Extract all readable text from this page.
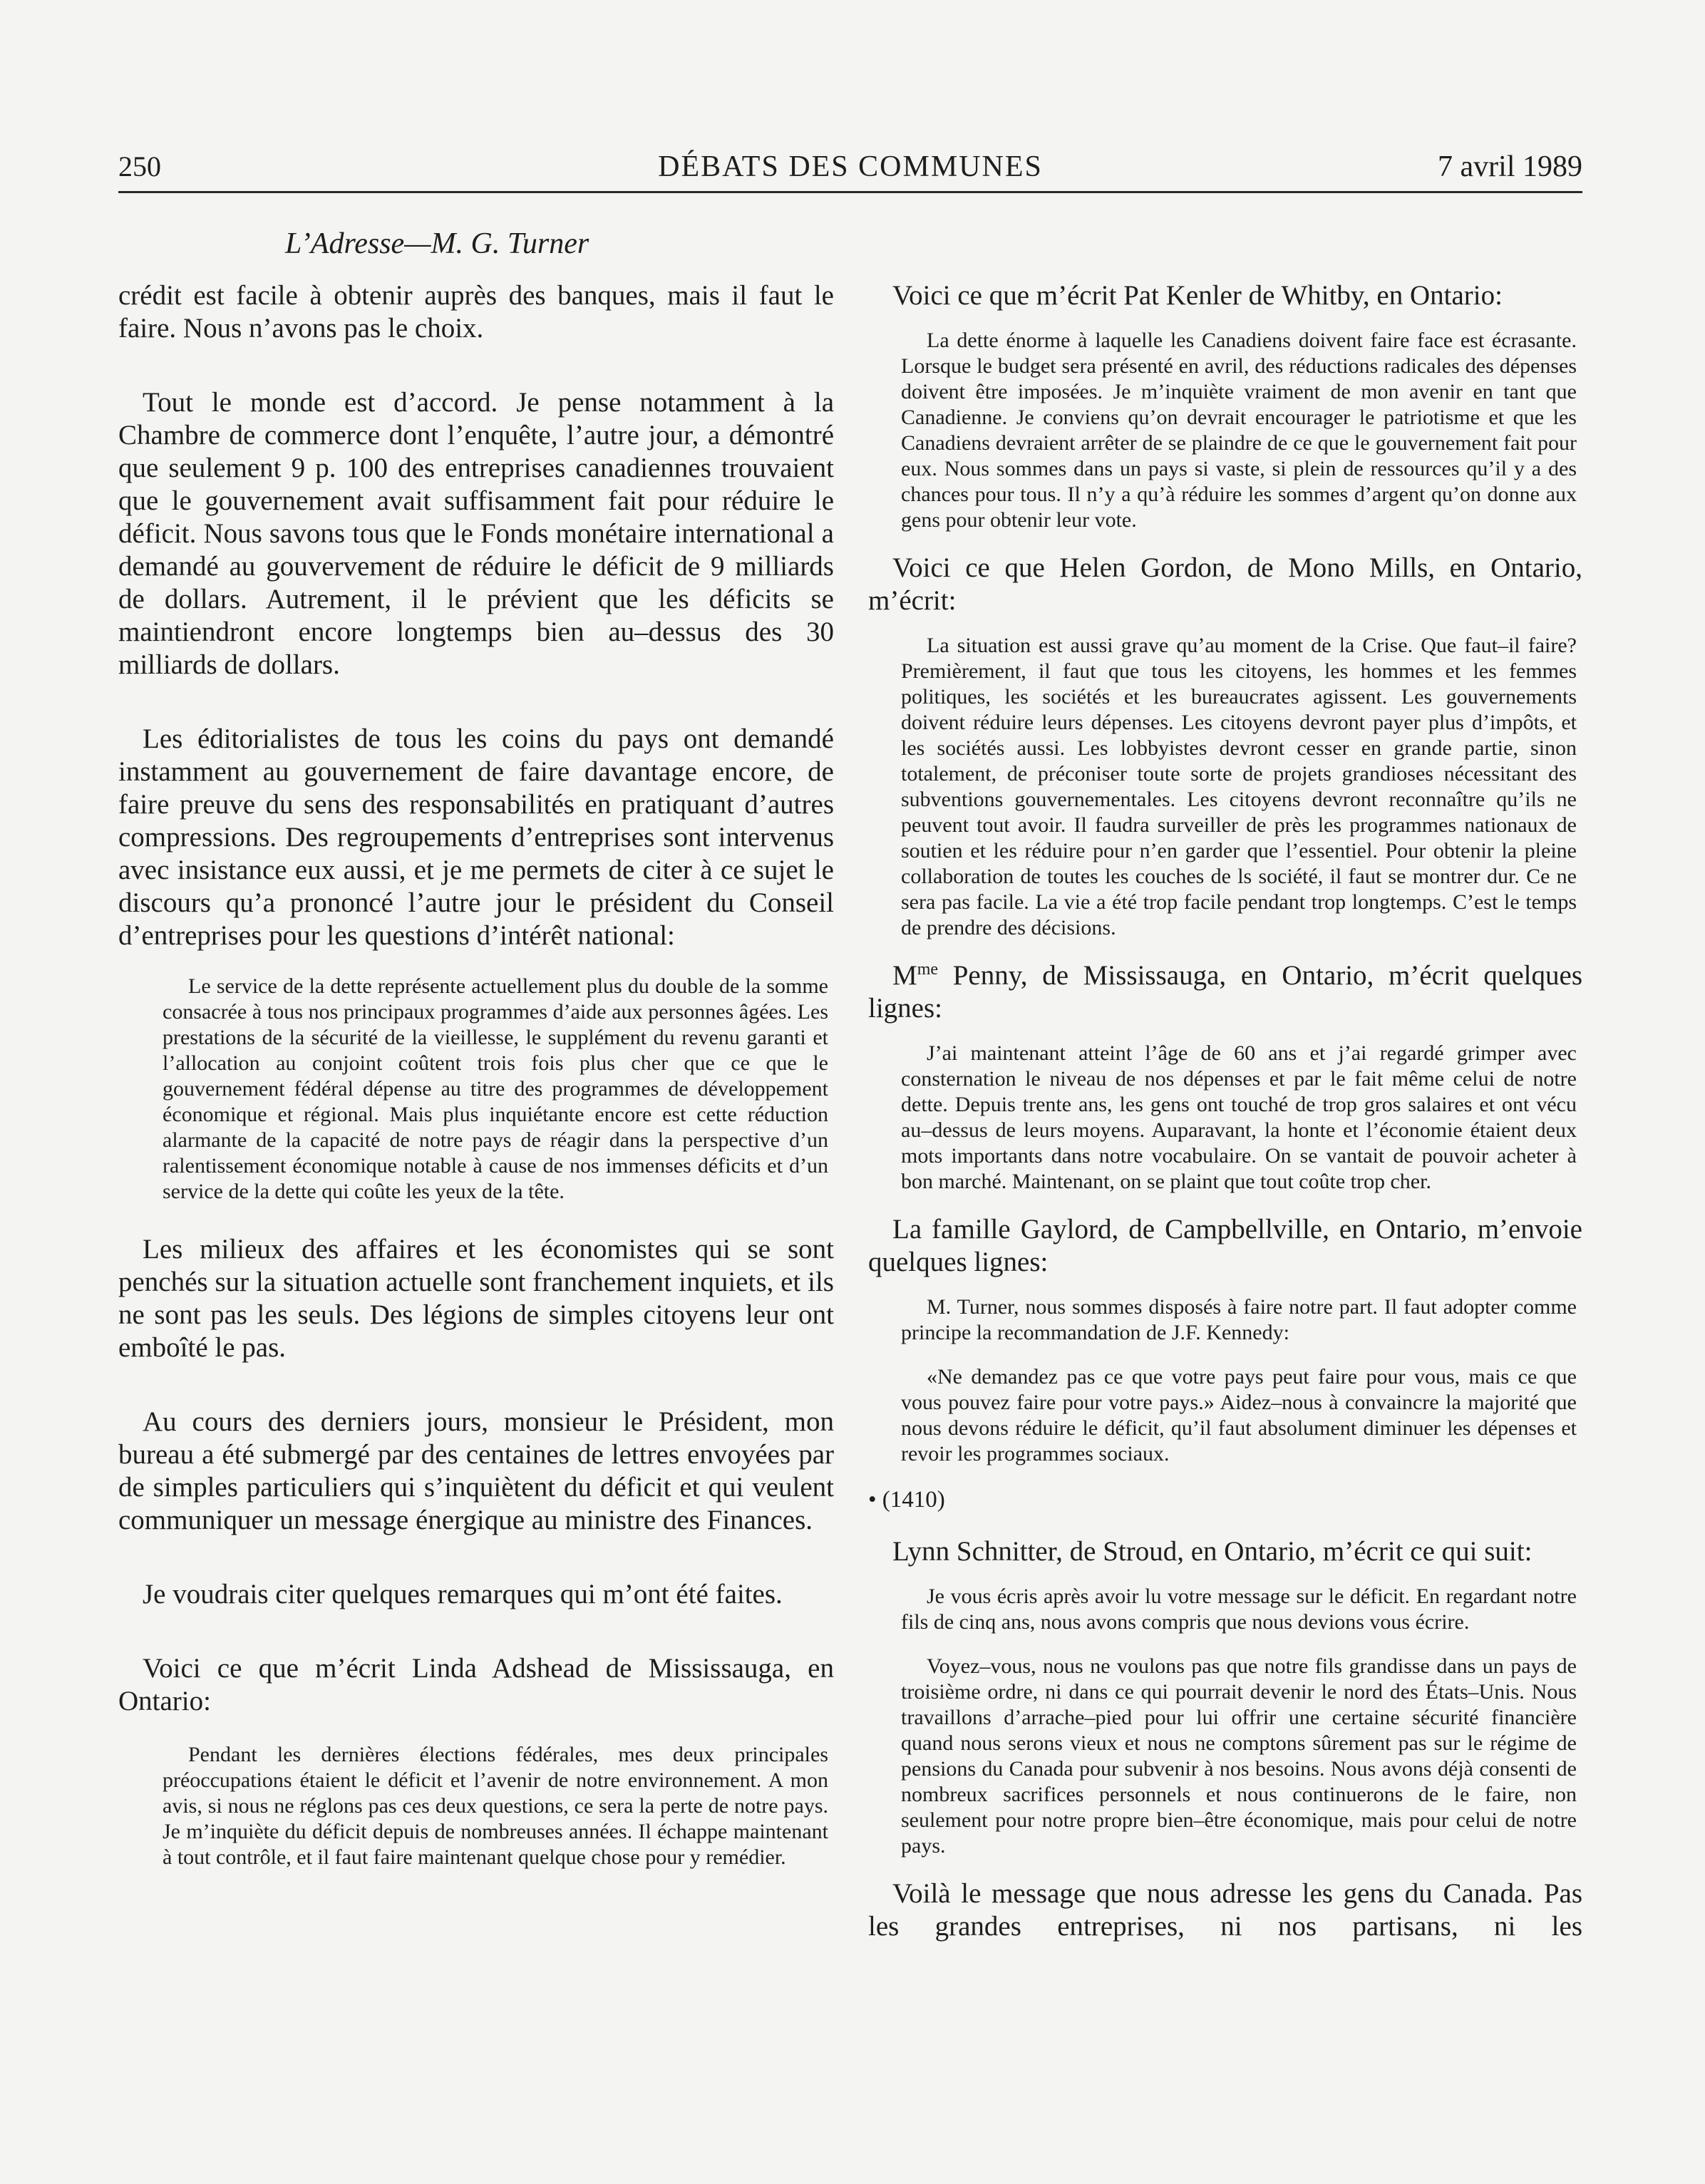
250	DÉBATS DES COMMUNES	7 avril 1989
L’Adresse—M. G. Turner

crédit est facile à obtenir auprès des banques, mais il faut le faire. Nous n’avons pas le choix.

Tout le monde est d’accord. Je pense notamment à la Chambre de commerce dont l’enquête, l’autre jour, a démontré que seulement 9 p. 100 des entreprises canadiennes trouvaient que le gouvernement avait suffisamment fait pour réduire le déficit. Nous savons tous que le Fonds monétaire international a demandé au gouvervement de réduire le déficit de 9 milliards de dollars. Autrement, il le prévient que les déficits se maintiendront encore longtemps bien au–dessus des 30 milliards de dollars.

Les éditorialistes de tous les coins du pays ont demandé instamment au gouvernement de faire davantage encore, de faire preuve du sens des responsabilités en pratiquant d’autres compressions. Des regroupements d’entreprises sont intervenus avec insistance eux aussi, et je me permets de citer à ce sujet le discours qu’a prononcé l’autre jour le président du Conseil d’entreprises pour les questions d’intérêt national:

Le service de la dette représente actuellement plus du double de la somme consacrée à tous nos principaux programmes d’aide aux personnes âgées. Les prestations de la sécurité de la vieillesse, le supplément du revenu garanti et l’allocation au conjoint coûtent trois fois plus cher que ce que le gouvernement fédéral dépense au titre des programmes de développement économique et régional. Mais plus inquiétante encore est cette réduction alarmante de la capacité de notre pays de réagir dans la perspective d’un ralentissement économique notable à cause de nos immenses déficits et d’un service de la dette qui coûte les yeux de la tête.

Les milieux des affaires et les économistes qui se sont penchés sur la situation actuelle sont franchement inquiets, et ils ne sont pas les seuls. Des légions de simples citoyens leur ont emboîté le pas.

Au cours des derniers jours, monsieur le Président, mon bureau a été submergé par des centaines de lettres envoyées par de simples particuliers qui s’inquiètent du déficit et qui veulent communiquer un message énergique au ministre des Finances.

Je voudrais citer quelques remarques qui m’ont été faites.

Voici ce que m’écrit Linda Adshead de Mississauga, en Ontario:

Pendant les dernières élections fédérales, mes deux principales préoccupations étaient le déficit et l’avenir de notre environnement. A mon avis, si nous ne réglons pas ces deux questions, ce sera la perte de notre pays. Je m’inquiète du déficit depuis de nombreuses années. Il échappe maintenant à tout contrôle, et il faut faire maintenant quelque chose pour y remédier.

Voici ce que m’écrit Pat Kenler de Whitby, en Ontario:

La dette énorme à laquelle les Canadiens doivent faire face est écrasante. Lorsque le budget sera présenté en avril, des réductions radicales des dépenses doivent être imposées. Je m’inquiète vraiment de mon avenir en tant que Canadienne. Je conviens qu’on devrait encourager le patriotisme et que les Canadiens devraient arrêter de se plaindre de ce que le gouvernement fait pour eux. Nous sommes dans un pays si vaste, si plein de ressources qu’il y a des chances pour tous. Il n’y a qu’à réduire les sommes d’argent qu’on donne aux gens pour obtenir leur vote.

Voici ce que Helen Gordon, de Mono Mills, en Ontario, m’écrit:

La situation est aussi grave qu’au moment de la Crise. Que faut–il faire? Premièrement, il faut que tous les citoyens, les hommes et les femmes politiques, les sociétés et les bureaucrates agissent. Les gouvernements doivent réduire leurs dépenses. Les citoyens devront payer plus d’impôts, et les sociétés aussi. Les lobbyistes devront cesser en grande partie, sinon totalement, de préconiser toute sorte de projets grandioses nécessitant des subventions gouvernementales. Les citoyens devront reconnaître qu’ils ne peuvent tout avoir. Il faudra surveiller de près les programmes nationaux de soutien et les réduire pour n’en garder que l’essentiel. Pour obtenir la pleine collaboration de toutes les couches de ls société, il faut se montrer dur. Ce ne sera pas facile. La vie a été trop facile pendant trop longtemps. C’est le temps de prendre des décisions.

$M^{me}$ Penny, de Mississauga, en Ontario, m’écrit quelques lignes:

J’ai maintenant atteint l’âge de 60 ans et j’ai regardé grimper avec consternation le niveau de nos dépenses et par le fait même celui de notre dette. Depuis trente ans, les gens ont touché de trop gros salaires et ont vécu au–dessus de leurs moyens. Auparavant, la honte et l’économie étaient deux mots importants dans notre vocabulaire. On se vantait de pouvoir acheter à bon marché. Maintenant, on se plaint que tout coûte trop cher.

La famille Gaylord, de Campbellville, en Ontario, m’envoie quelques lignes:

M. Turner, nous sommes disposés à faire notre part. Il faut adopter comme principe la recommandation de J.F. Kennedy:

«Ne demandez pas ce que votre pays peut faire pour vous, mais ce que vous pouvez faire pour votre pays.» Aidez–nous à convaincre la majorité que nous devons réduire le déficit, qu’il faut absolument diminuer les dépenses et revoir les programmes sociaux.

• (1410)

Lynn Schnitter, de Stroud, en Ontario, m’écrit ce qui suit:

Je vous écris après avoir lu votre message sur le déficit. En regardant notre fils de cinq ans, nous avons compris que nous devions vous écrire.

Voyez–vous, nous ne voulons pas que notre fils grandisse dans un pays de troisième ordre, ni dans ce qui pourrait devenir le nord des États–Unis. Nous travaillons d’arrache–pied pour lui offrir une certaine sécurité financière quand nous serons vieux et nous ne comptons sûrement pas sur le régime de pensions du Canada pour subvenir à nos besoins. Nous avons déjà consenti de nombreux sacrifices personnels et nous continuerons de le faire, non seulement pour notre propre bien–être économique, mais pour celui de notre pays.

Voilà le message que nous adresse les gens du Canada. Pas les grandes entreprises, ni nos partisans, ni les
